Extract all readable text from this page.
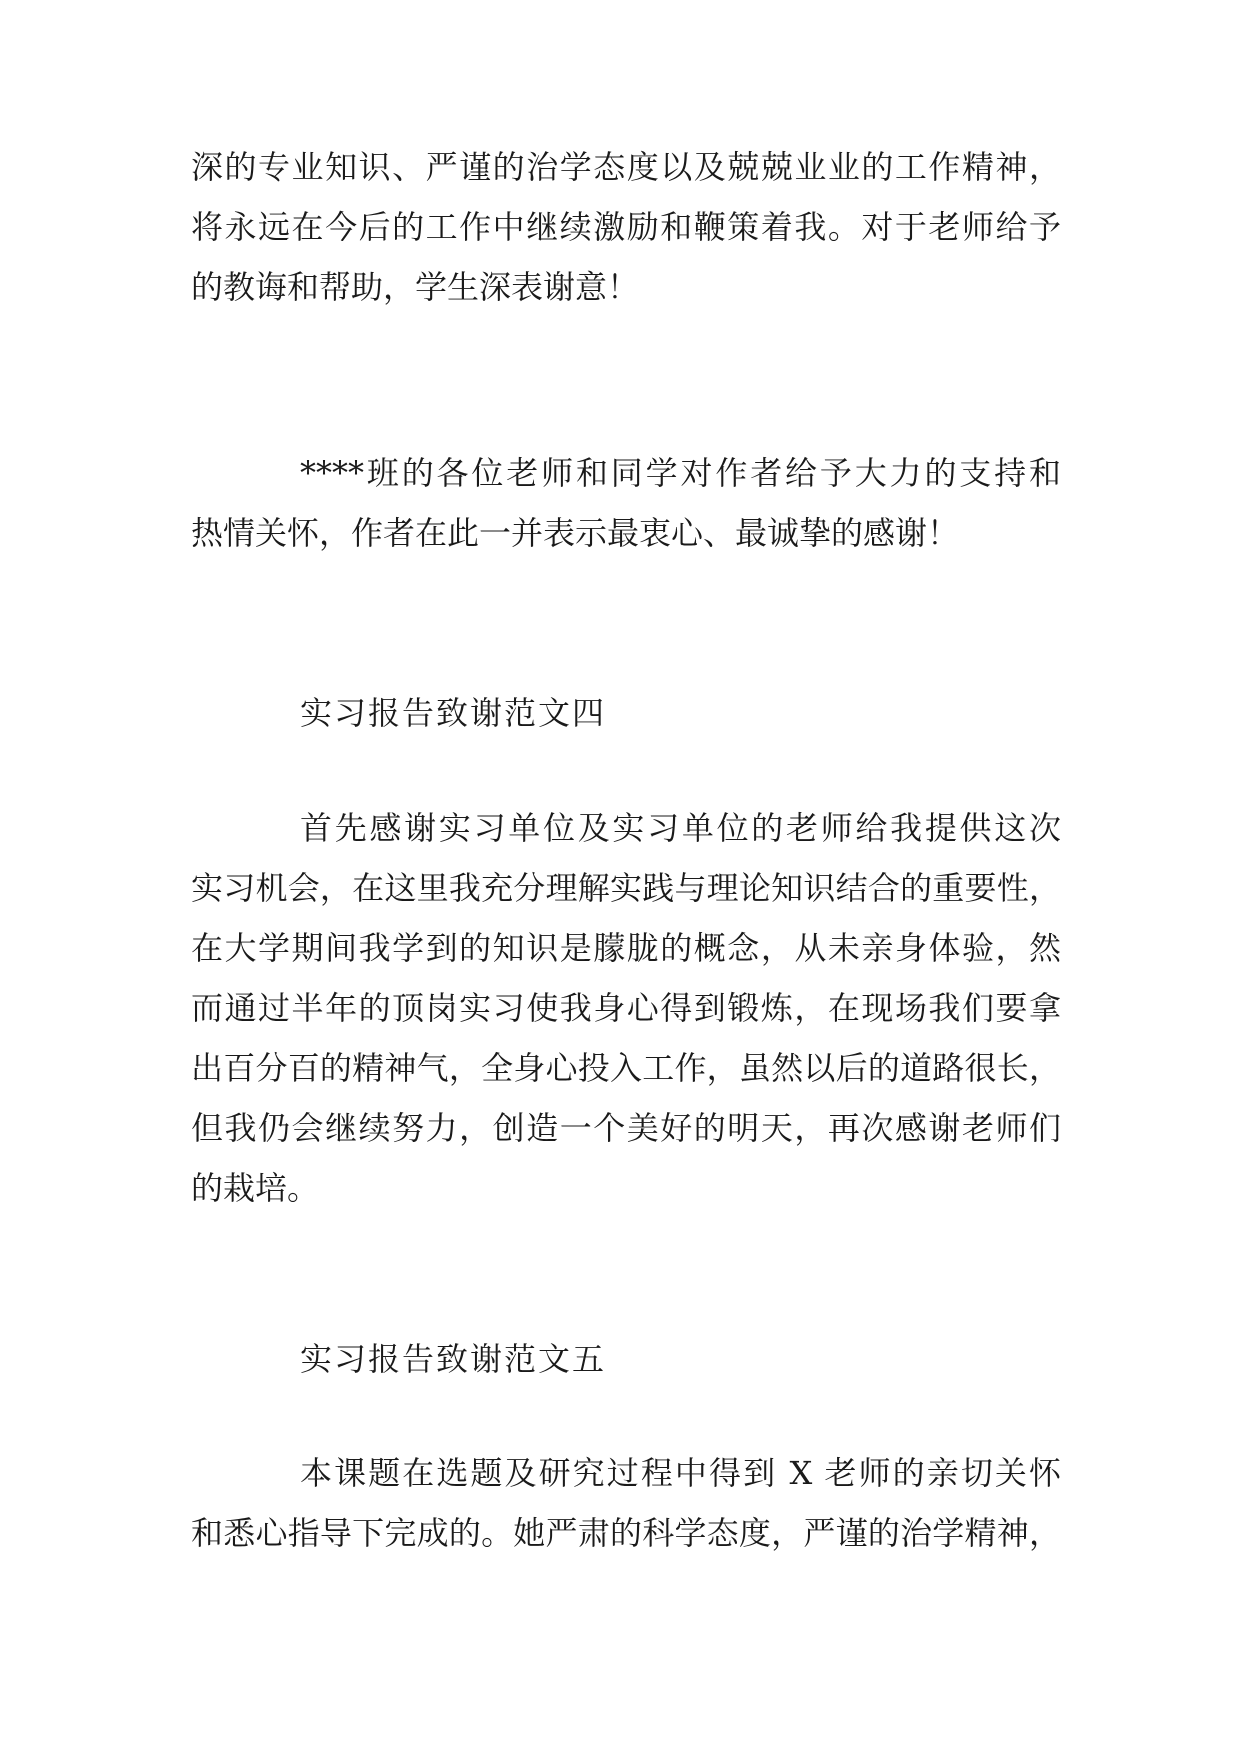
深的专业知识、严谨的治学态度以及兢兢业业的工作精神，
将永远在今后的工作中继续激励和鞭策着我。对于老师给予
的教诲和帮助，学生深表谢意！
****班的各位老师和同学对作者给予大力的支持和
热情关怀，作者在此一并表示最衷心、最诚挚的感谢！
实习报告致谢范文四
首先感谢实习单位及实习单位的老师给我提供这次
实习机会，在这里我充分理解实践与理论知识结合的重要性，
在大学期间我学到的知识是朦胧的概念，从未亲身体验，然
而通过半年的顶岗实习使我身心得到锻炼，在现场我们要拿
出百分百的精神气，全身心投入工作，虽然以后的道路很长，
但我仍会继续努力，创造一个美好的明天，再次感谢老师们
的栽培。
实习报告致谢范文五
本课题在选题及研究过程中得到 X 老师的亲切关怀
和悉心指导下完成的。她严肃的科学态度，严谨的治学精神，
